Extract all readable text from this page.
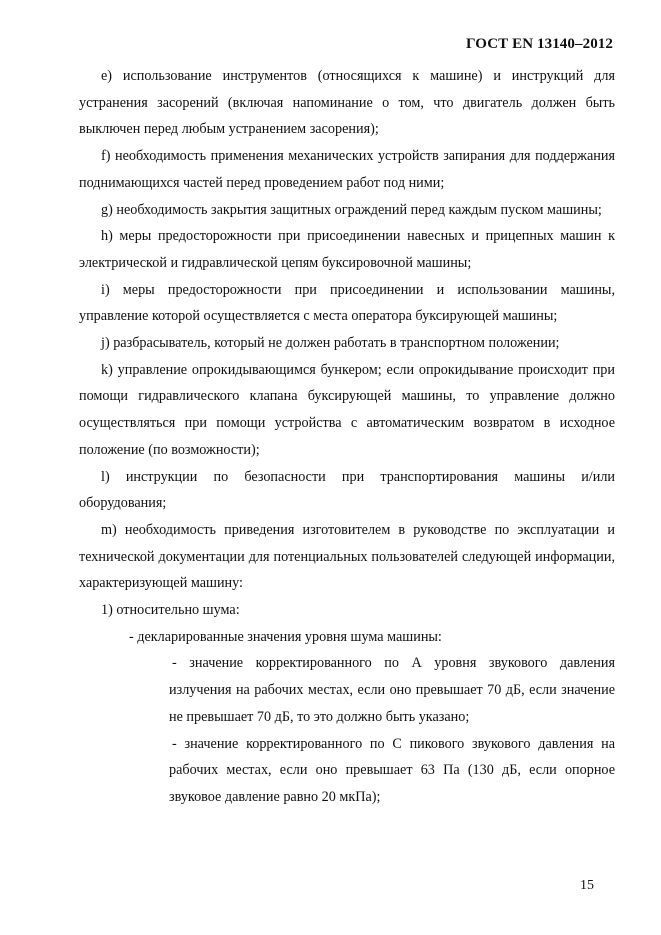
ГОСТ EN 13140–2012

е) использование инструментов (относящихся к машине) и инструкций для устранения засорений (включая напоминание о том, что двигатель должен быть выключен перед любым устранением засорения);

f) необходимость применения механических устройств запирания для поддержания поднимающихся частей перед проведением работ под ними;

g) необходимость закрытия защитных ограждений перед каждым пуском машины;

h) меры предосторожности при присоединении навесных и прицепных машин к электрической и гидравлической цепям буксировочной машины;

i) меры предосторожности при присоединении и использовании машины, управление которой осуществляется с места оператора буксирующей машины;

j) разбрасыватель, который не должен работать в транспортном положении;

k) управление опрокидывающимся бункером; если опрокидывание происходит при помощи гидравлического клапана буксирующей машины, то управление должно осуществляться при помощи устройства с автоматическим возвратом в исходное положение (по возможности);

l) инструкции по безопасности при транспортирования машины и/или оборудования;

m) необходимость приведения изготовителем в руководстве по эксплуатации и технической документации для потенциальных пользователей следующей информации, характеризующей машину:

1) относительно шума:

- декларированные значения уровня шума машины:

- значение корректированного по А уровня звукового давления излучения на рабочих местах, если оно превышает 70 дБ, если значение не превышает 70 дБ, то это должно быть указано;

- значение корректированного по С пикового звукового давления на рабочих местах, если оно превышает 63 Па (130 дБ, если опорное звуковое давление равно 20 мкПа);

15
